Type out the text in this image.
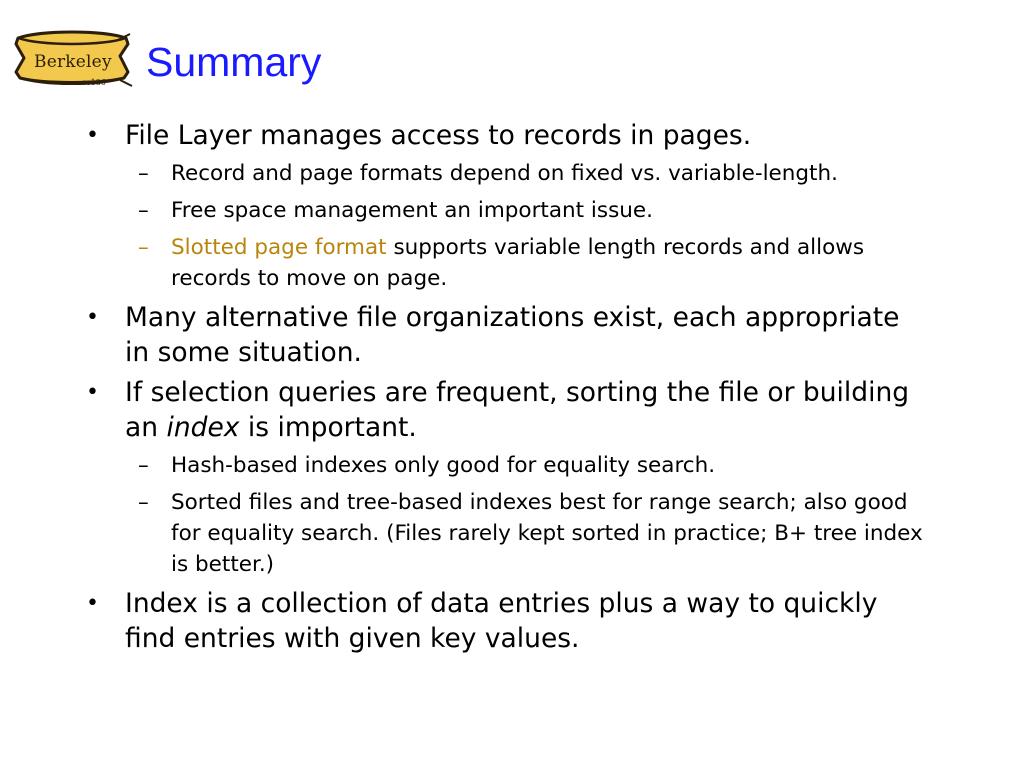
Berkeley
cs186 Summary
• File Layer manages access to records in pages.
– Record and page formats depend on fixed vs. variable-length.
– Free space management an important issue.
– Slotted page format supports variable length records and allows records to move on page.
• Many alternative file organizations exist, each appropriate in some situation.
• If selection queries are frequent, sorting the file or building an index is important.
– Hash-based indexes only good for equality search.
– Sorted files and tree-based indexes best for range search; also good for equality search. (Files rarely kept sorted in practice; B+ tree index is better.)
• Index is a collection of data entries plus a way to quickly find entries with given key values.
